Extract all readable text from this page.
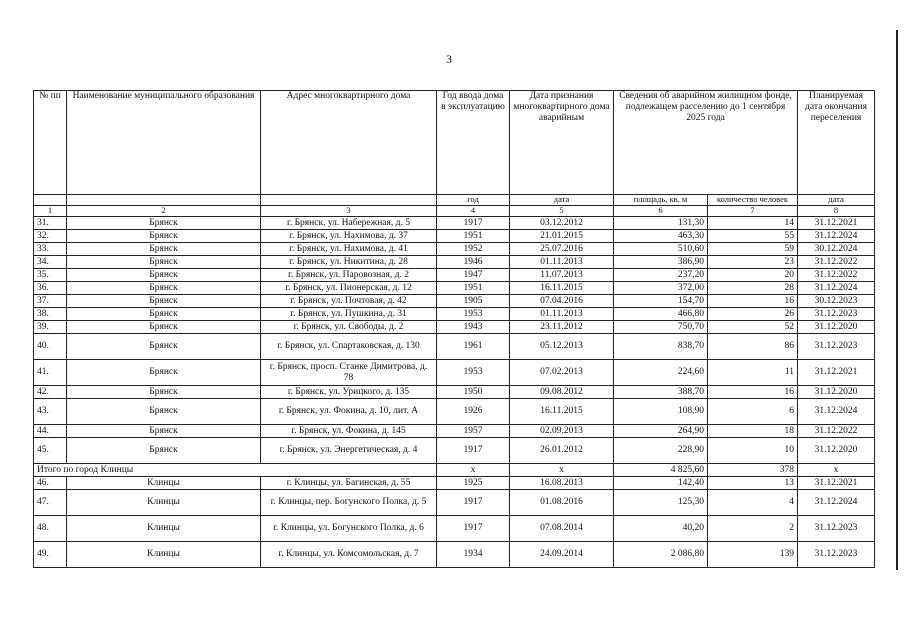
3
№ пп	Наименование муниципального образования	Адрес многоквартирного дома	Год ввода дома в эксплуатацию	Дата признания многоквартирного дома аварийным	Сведения об аварийном жилищном фонде, подлежащем расселению до 1 сентября 2025 года		Планируемая дата окончания переселения
			год	дата	площадь, кв. м	количество человек	дата
1	2	3	4	5	6	7	8
31.	Брянск	г. Брянск, ул. Набережная, д. 5	1917	03.12.2012	131,30	14	31.12.2021
32.	Брянск	г. Брянск, ул. Нахимова, д. 37	1951	21.01.2015	463,30	55	31.12.2024
33.	Брянск	г. Брянск, ул. Нахимова, д. 41	1952	25.07.2016	510,60	59	30.12.2024
34.	Брянск	г. Брянск, ул. Никитина, д. 28	1946	01.11.2013	386,90	23	31.12.2022
35.	Брянск	г. Брянск, ул. Паровозная, д. 2	1947	11.07.2013	237,20	20	31.12.2022
36.	Брянск	г. Брянск, ул. Пионерская, д. 12	1951	16.11.2015	372,00	28	31.12.2024
37.	Брянск	г. Брянск, ул. Почтовая, д. 42	1905	07.04.2016	154,70	16	30.12.2023
38.	Брянск	г. Брянск, ул. Пушкина, д. 31	1953	01.11.2013	466,80	26	31.12.2023
39.	Брянск	г. Брянск, ул. Свободы, д. 2	1943	23.11.2012	750,70	52	31.12.2020
40.	Брянск	г. Брянск, ул. Спартаковская, д. 130	1961	05.12.2013	838,70	86	31.12.2023
41.	Брянск	г. Брянск, просп. Станке Димитрова, д. 78	1953	07.02.2013	224,60	11	31.12.2021
42.	Брянск	г. Брянск, ул. Урицкого, д. 135	1950	09.08.2012	388,70	16	31.12.2020
43.	Брянск	г. Брянск, ул. Фокина, д. 10, лит. А	1926	16.11.2015	108,90	6	31.12.2024
44.	Брянск	г. Брянск, ул. Фокина, д. 145	1957	02.09.2013	264,90	18	31.12.2022
45.	Брянск	г. Брянск, ул. Энергетическая, д. 4	1917	26.01.2012	228,90	10	31.12.2020
Итого по город Клинцы			х	х	4 825,60	378	х
46.	Клинцы	г. Клинцы, ул. Багинская, д. 55	1925	16.08.2013	142,40	13	31.12.2021
47.	Клинцы	г. Клинцы, пер. Богунского Полка, д. 5	1917	01.08.2016	125,30	4	31.12.2024
48.	Клинцы	г. Клинцы, ул. Богунского Полка, д. 6	1917	07.08.2014	40,20	2	31.12.2023
49.	Клинцы	г. Клинцы, ул. Комсомольская, д. 7	1934	24.09.2014	2 086,80	139	31.12.2023
